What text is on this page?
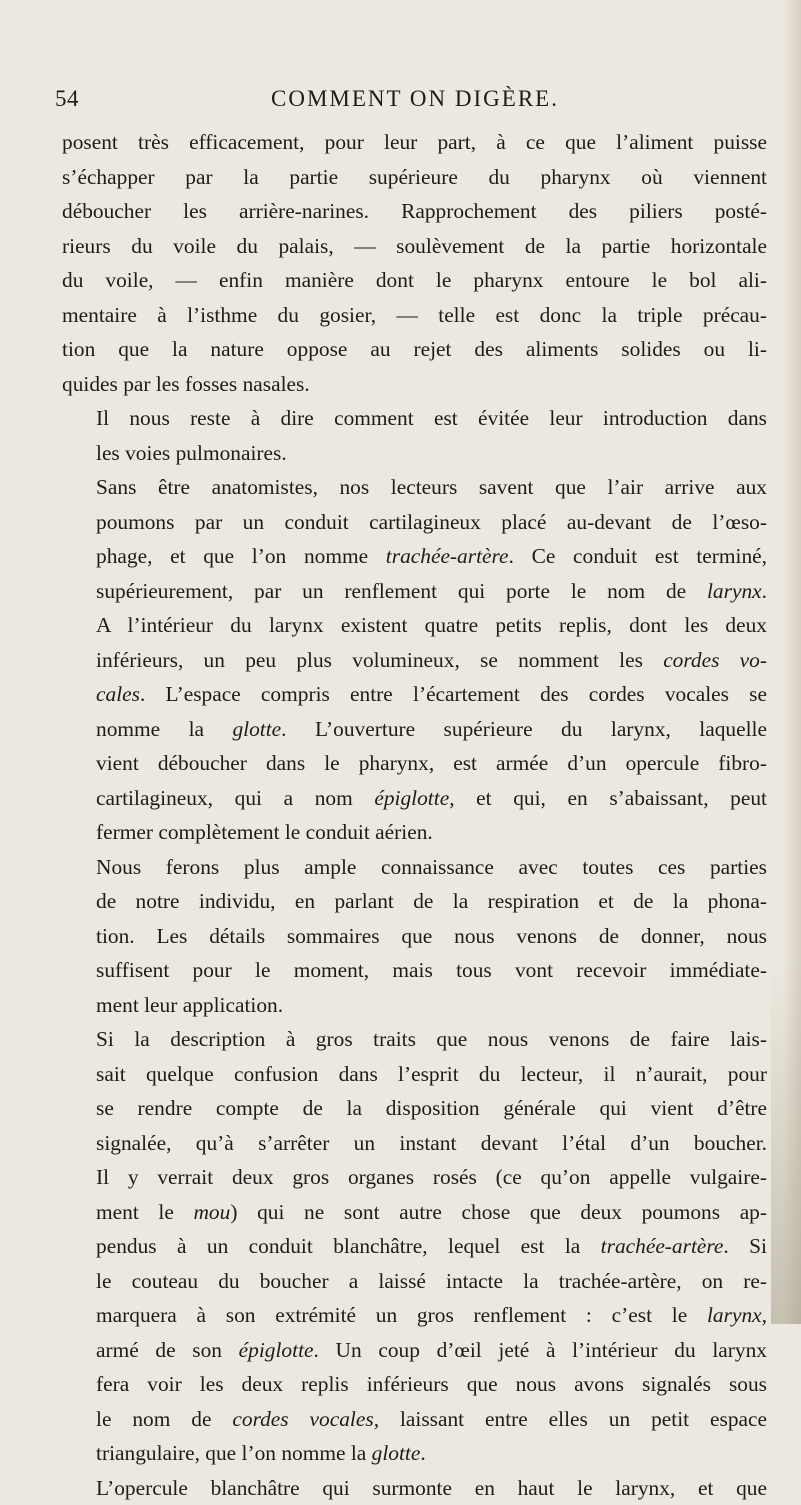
54	COMMENT ON DIGÈRE.

posent très efficacement, pour leur part, à ce que l’aliment puisse
s’échapper par la partie supérieure du pharynx où viennent
déboucher les arrière-narines. Rapprochement des piliers posté-
rieurs du voile du palais, — soulèvement de la partie horizontale
du voile, — enfin manière dont le pharynx entoure le bol ali-
mentaire à l’isthme du gosier, — telle est donc la triple précau-
tion que la nature oppose au rejet des aliments solides ou li-
quides par les fosses nasales.

Il nous reste à dire comment est évitée leur introduction dans
les voies pulmonaires.

Sans être anatomistes, nos lecteurs savent que l’air arrive aux
poumons par un conduit cartilagineux placé au-devant de l’œso-
phage, et que l’on nomme trachée-artère. Ce conduit est terminé,
supérieurement, par un renflement qui porte le nom de larynx.
A l’intérieur du larynx existent quatre petits replis, dont les deux
inférieurs, un peu plus volumineux, se nomment les cordes vo-
cales. L’espace compris entre l’écartement des cordes vocales se
nomme la glotte. L’ouverture supérieure du larynx, laquelle
vient déboucher dans le pharynx, est armée d’un opercule fibro-
cartilagineux, qui a nom épiglotte, et qui, en s’abaissant, peut
fermer complètement le conduit aérien.

Nous ferons plus ample connaissance avec toutes ces parties
de notre individu, en parlant de la respiration et de la phona-
tion. Les détails sommaires que nous venons de donner, nous
suffisent pour le moment, mais tous vont recevoir immédiate-
ment leur application.

Si la description à gros traits que nous venons de faire lais-
sait quelque confusion dans l’esprit du lecteur, il n’aurait, pour
se rendre compte de la disposition générale qui vient d’être
signalée, qu’à s’arrêter un instant devant l’étal d’un boucher.
Il y verrait deux gros organes rosés (ce qu’on appelle vulgaire-
ment le mou) qui ne sont autre chose que deux poumons ap-
pendus à un conduit blanchâtre, lequel est la trachée-artère. Si
le couteau du boucher a laissé intacte la trachée-artère, on re-
marquera à son extrémité un gros renflement : c’est le larynx,
armé de son épiglotte. Un coup d’œil jeté à l’intérieur du larynx
fera voir les deux replis inférieurs que nous avons signalés sous
le nom de cordes vocales, laissant entre elles un petit espace
triangulaire, que l’on nomme la glotte.

L’opercule blanchâtre qui surmonte en haut le larynx, et que
